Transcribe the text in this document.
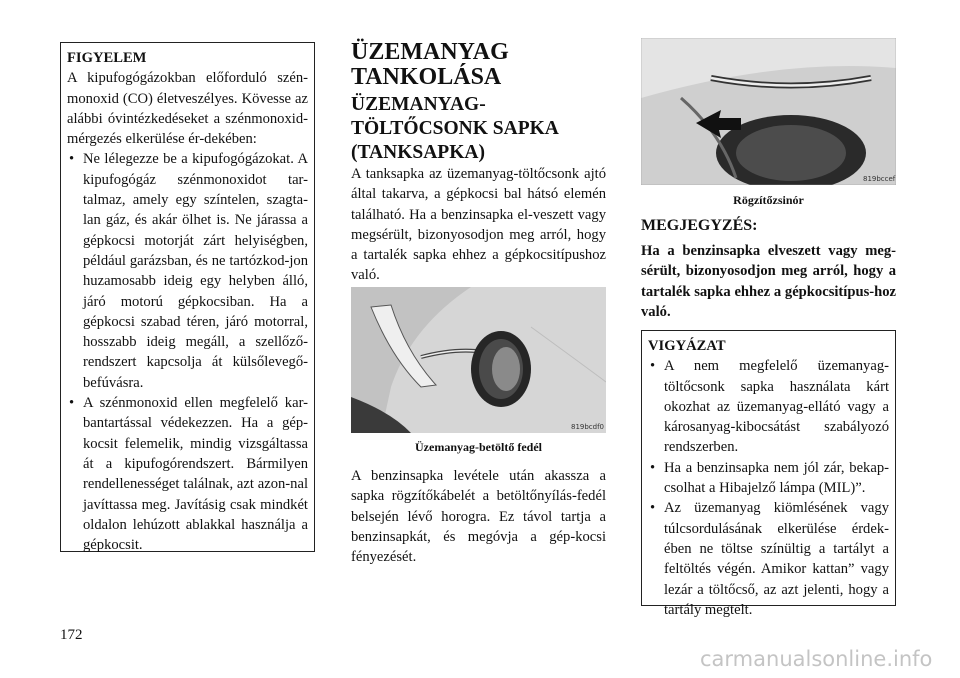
FIGYELEM
A kipufogógázokban előforduló szén-monoxid (CO) életveszélyes. Kövesse az alábbi óvintézkedéseket a szénmonoxid-mérgezés elkerülése ér-dekében:
• Ne lélegezze be a kipufogógázokat. A kipufogógáz szénmonoxidot tar-talmaz, amely egy színtelen, szagta-lan gáz, és akár ölhet is. Ne járassa a gépkocsi motorját zárt helyiségben, például garázsban, és ne tartózkod-jon huzamosabb ideig egy helyben álló, járó motorú gépkocsiban. Ha a gépkocsi szabad téren, járó motorral, hosszabb ideig megáll, a szellőző-rendszert kapcsolja át külsőlevegő-befúvásra.
• A szénmonoxid ellen megfelelő kar-bantartással védekezzen. Ha a gép-kocsit felemelik, mindig vizsgáltassa át a kipufogórendszert. Bármilyen rendellenességet találnak, azt azon-nal javíttassa meg. Javításig csak mindkét oldalon lehúzott ablakkal használja a gépkocsit.
ÜZEMANYAG
TANKOLÁSA
ÜZEMANYAG-
TÖLTŐCSONK SAPKA
(TANKSAPKA)
A tanksapka az üzemanyag-töltőcsonk ajtó által takarva, a gépkocsi bal hátsó elemén található. Ha a benzinsapka el-veszett vagy megsérült, bizonyosodjon meg arról, hogy a tartalék sapka ehhez a gépkocsitípushoz való.
819bcdf0
Üzemanyag-betöltő fedél
A benzinsapka levétele után akassza a sapka rögzítőkábelét a betöltőnyílás-fedél belsején lévő horogra. Ez távol tartja a benzinsapkát, és megóvja a gép-kocsi fényezését.
819bccef
Rögzítőzsinór
MEGJEGYZÉS:
Ha a benzinsapka elveszett vagy meg-sérült, bizonyosodjon meg arról, hogy a tartalék sapka ehhez a gépkocsitípus-hoz való.
VIGYÁZAT
• A nem megfelelő üzemanyag-töltőcsonk sapka használata kárt okozhat az üzemanyag-ellátó vagy a károsanyag-kibocsátást szabályozó rendszerben.
• Ha a benzinsapka nem jól zár, bekap-csolhat a Hibajelző lámpa (MIL)”.
• Az üzemanyag kiömlésének vagy túlcsordulásának elkerülése érdek-ében ne töltse színültig a tartályt a feltöltés végén. Amikor kattan” vagy lezár a töltőcső, az azt jelenti, hogy a tartály megtelt.
172
carmanualsonline.info
